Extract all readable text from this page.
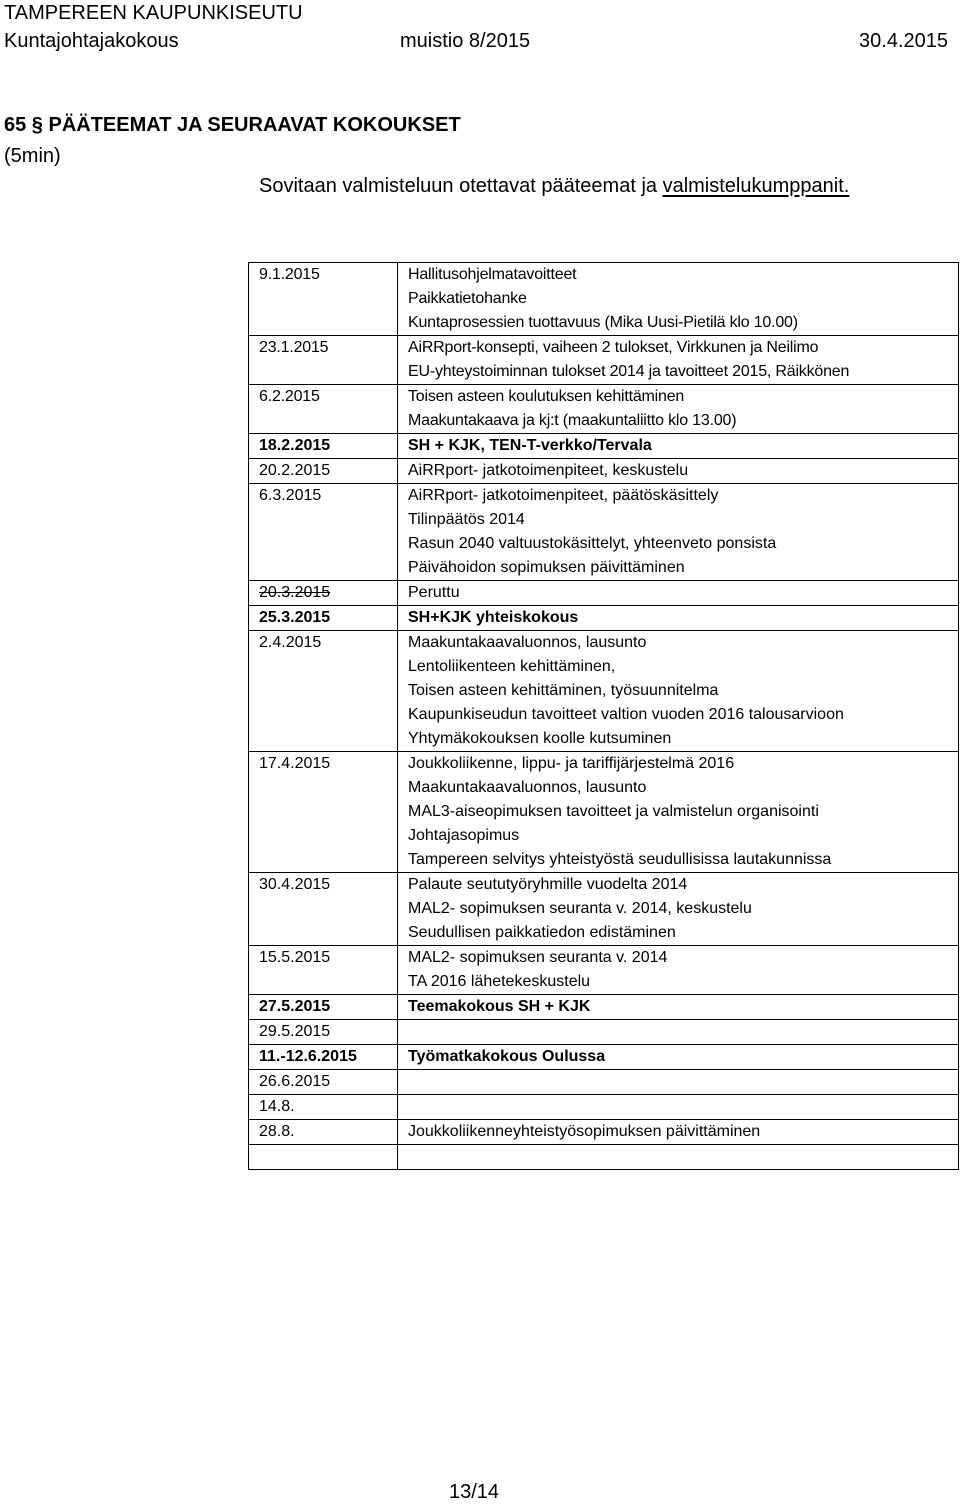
TAMPEREEN KAUPUNKISEUTU
Kuntajohtajakokous	muistio 8/2015	30.4.2015
65 § PÄÄTEEMAT JA SEURAAVAT KOKOUKSET
(5min)
Sovitaan valmisteluun otettavat pääteemat ja valmistelukumppanit.
9.1.2015	Hallitusohjelmatavoitteet
Paikkatietohanke
Kuntaprosessien tuottavuus (Mika Uusi-Pietilä klo 10.00)

23.1.2015	AiRRport-konsepti, vaiheen 2 tulokset, Virkkunen ja Neilimo
EU-yhteystoiminnan tulokset 2014 ja tavoitteet 2015, Räikkönen

6.2.2015	Toisen asteen koulutuksen kehittäminen
Maakuntakaava ja kj:t (maakuntaliitto klo 13.00)

18.2.2015	SH + KJK, TEN-T-verkko/Tervala

20.2.2015	AiRRport- jatkotoimenpiteet, keskustelu

6.3.2015	AiRRport- jatkotoimenpiteet, päätöskäsittely
Tilinpäätös 2014
Rasun 2040 valtuustokäsittelyt, yhteenveto ponsista
Päivähoidon sopimuksen päivittäminen

20.3.2015	Peruttu

25.3.2015	SH+KJK yhteiskokous

2.4.2015	Maakuntakaavaluonnos, lausunto
Lentoliikenteen kehittäminen,
Toisen asteen kehittäminen, työsuunnitelma
Kaupunkiseudun tavoitteet valtion vuoden 2016 talousarvioon
Yhtymäkokouksen koolle kutsuminen

17.4.2015	Joukkoliikenne, lippu- ja tariffijärjestelmä 2016
Maakuntakaavaluonnos, lausunto
MAL3-aiseopimuksen tavoitteet ja valmistelun organisointi
Johtajasopimus
Tampereen selvitys yhteistyöstä seudullisissa lautakunnissa

30.4.2015	Palaute seututyöryhmille vuodelta 2014
MAL2- sopimuksen seuranta v. 2014, keskustelu
Seudullisen paikkatiedon edistäminen

15.5.2015	MAL2- sopimuksen seuranta v. 2014
TA 2016 lähetekeskustelu

27.5.2015	Teemakokous SH + KJK

29.5.2015	

11.-12.6.2015	Työmatkakokous Oulussa

26.6.2015	

14.8.	

28.8.	Joukkoliikenneyhteistyösopimuksen päivittäminen

13/14
